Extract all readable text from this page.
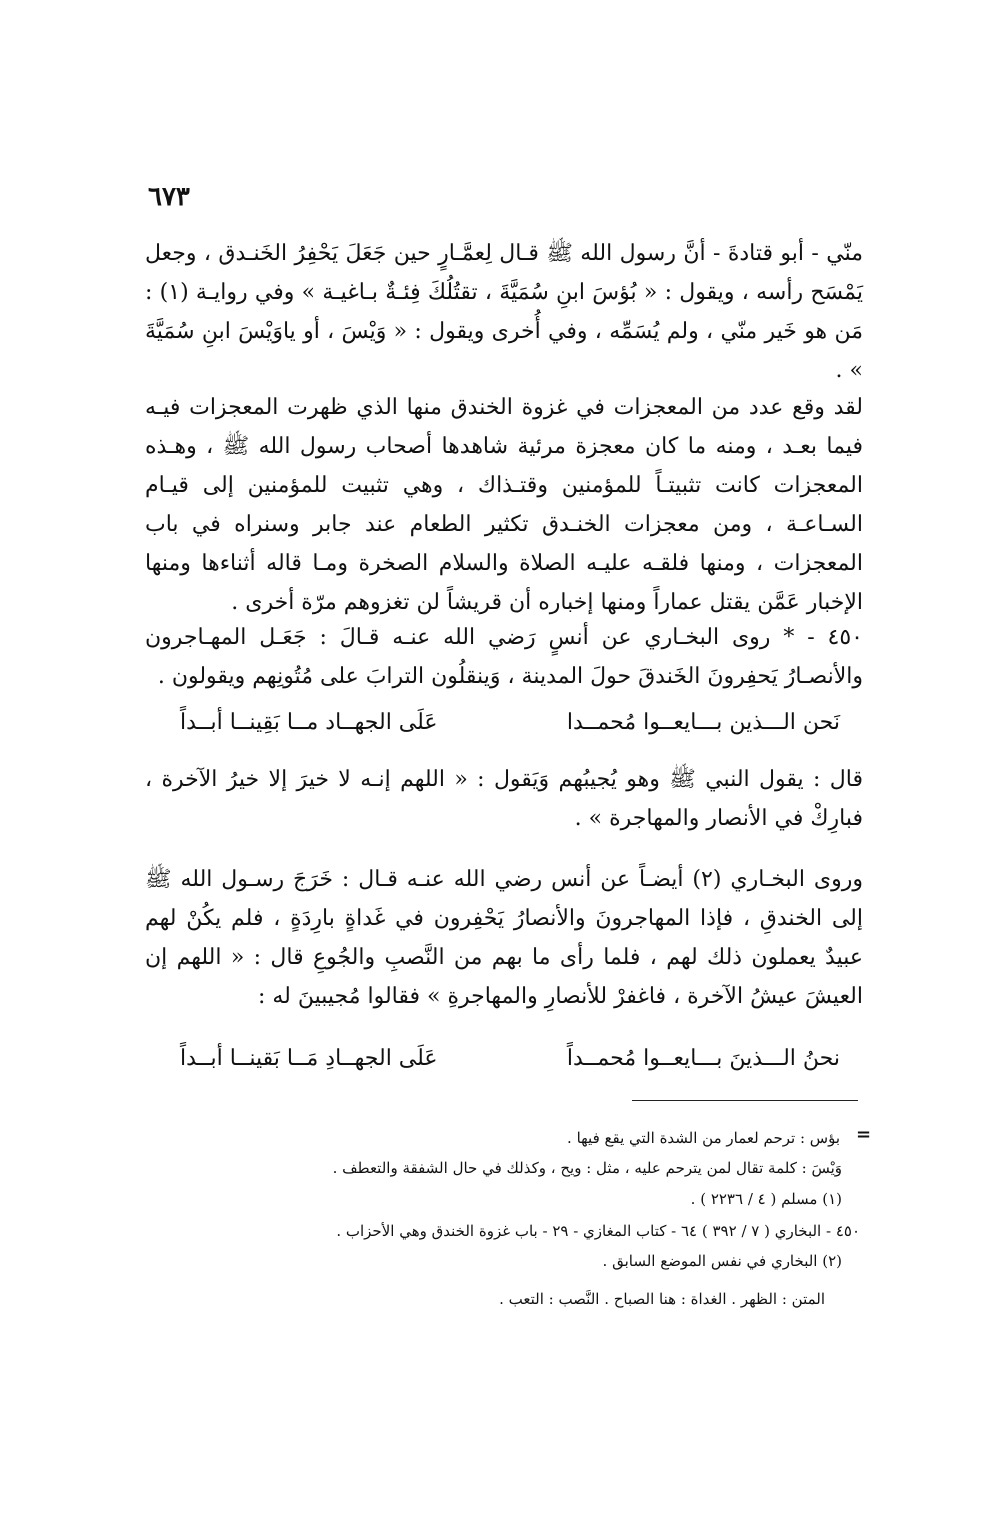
٦٧٣

منّي - أبو قتادةَ - أنَّ رسول الله ﷺ قـال لِعمَّـارٍ حين جَعَلَ يَحْفِرُ الخَنـدق ، وجعل يَمْسَح رأسه ، ويقول : « بُؤسَ ابنِ سُمَيَّةَ ، تقتُلُكَ فِئـةٌ بـاغيـة » وفي روايـة (١) : مَن هو خَير منّي ، ولم يُسَمِّه ، وفي أُخرى ويقول : « وَيْسَ ، أو ياوَيْسَ ابنِ سُمَيَّةَ » .

لقد وقع عدد من المعجزات في غزوة الخندق منها الذي ظهرت المعجزات فيـه فيما بعـد ، ومنه ما كان معجزة مرئية شاهدها أصحاب رسول الله ﷺ ، وهـذه المعجزات كانت تثبيتـاً للمؤمنين وقتـذاك ، وهي تثبيت للمؤمنين إلى قيـام السـاعـة ، ومن معجزات الخنـدق تكثير الطعام عند جابر وسنراه في باب المعجزات ، ومنها فلقـه عليـه الصلاة والسلام الصخرة ومـا قاله أثناءها ومنها الإخبار عَمَّن يقتل عماراً ومنها إخباره أن قريشاً لن تغزوهم مرّة أخرى .

٤٥٠ - * روى البخـاري عن أنسٍ رَضي الله عنـه قـالَ : جَعَـل المهـاجرون والأنصـارُ يَحفِرونَ الخَندقَ حولَ المدينة ، وَينقلُون الترابَ على مُتُونِهم ويقولون .

نَحن الـــذين بـــايعــوا مُحمــدا
عَلَى الجهــاد مــا بَقِينــا أبــداً

قال : يقول النبي ﷺ وهو يُجيبُهم وَيَقول : « اللهم إنـه لا خيرَ إلا خيرُ الآخرة ، فبارِكْ في الأنصار والمهاجرة » .

وروى البخـاري (٢) أيضـاً عن أنس رضي الله عنـه قـال : خَرَجَ رسـول الله ﷺ إلى الخندقِ ، فإذا المهاجرونَ والأنصارُ يَحْفِرون في غَداةٍ بارِدَةٍ ، فلم يكُنْ لهم عبيدٌ يعملون ذلك لهم ، فلما رأى ما بهم من النَّصبِ والجُوعِ قال : « اللهم إن العيشَ عيشُ الآخرة ، فاغفرْ للأنصارِ والمهاجرةِ » فقالوا مُجيبينَ له :

نحنُ الـــذينَ بـــايعــوا مُحمــداً
عَلَى الجهــادِ مَــا بَقينــا أبــداً
=
بؤس : ترحم لعمار من الشدة التي يقع فيها .
وَيْسَ : كلمة تقال لمن يترحم عليه ، مثل : ويح ، وكذلك في حال الشفقة والتعطف .
(١) مسلم ( ٤ / ٢٢٣٦ ) .
٤٥٠ - البخاري ( ٧ / ٣٩٢ ) ٦٤ - كتاب المغازي - ٢٩ - باب غزوة الخندق وهي الأحزاب .
(٢) البخاري في نفس الموضع السابق .
المتن : الظهر . الغداة : هنا الصباح . النَّصب : التعب .
